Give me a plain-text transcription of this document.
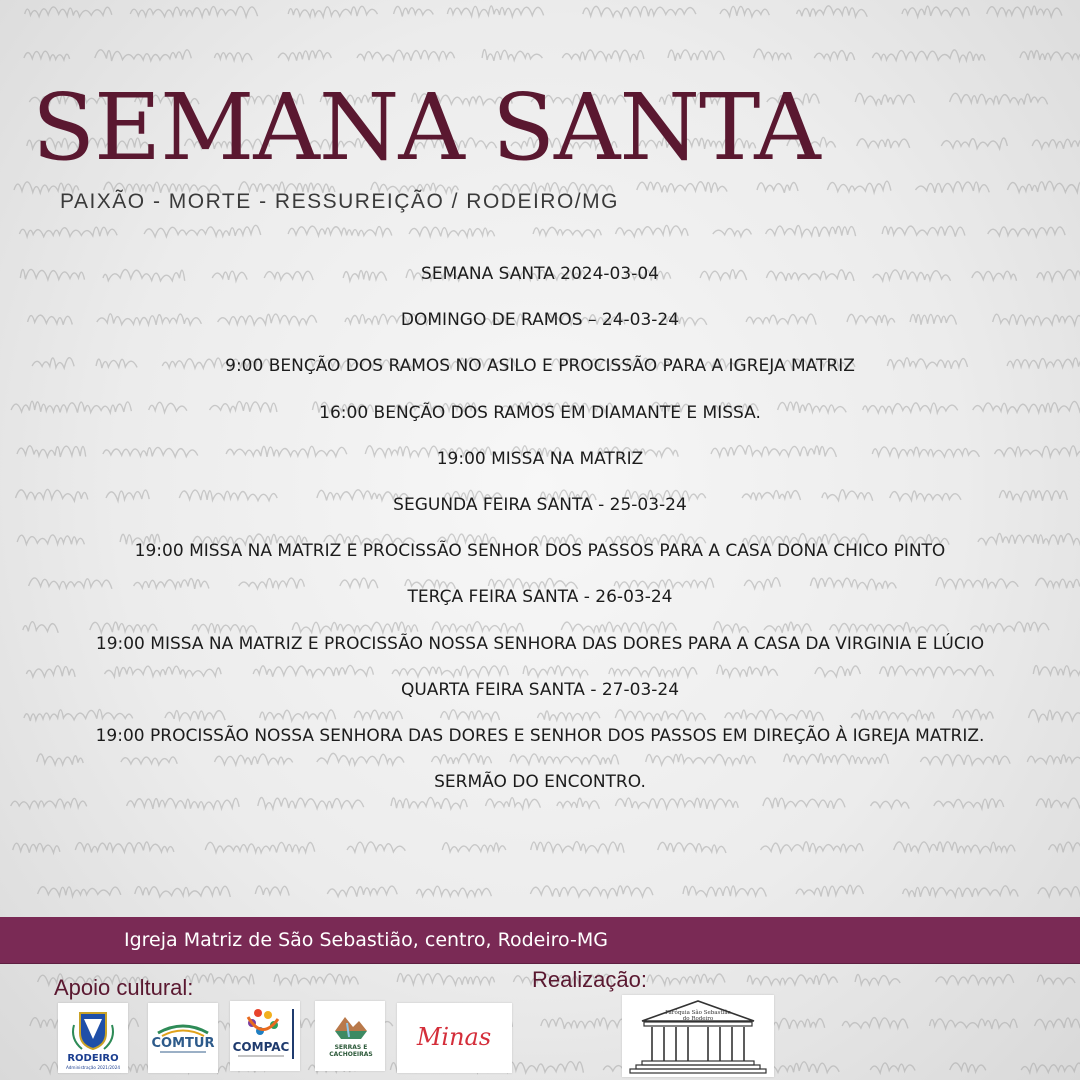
SEMANA SANTA
PAIXÃO - MORTE - RESSUREIÇÃO / RODEIRO/MG
SEMANA SANTA 2024-03-04
DOMINGO DE RAMOS – 24-03-24
9:00 BENÇÃO DOS RAMOS NO ASILO E PROCISSÃO PARA A IGREJA MATRIZ
16:00 BENÇÃO DOS RAMOS EM DIAMANTE E MISSA.
19:00 MISSA NA MATRIZ
SEGUNDA FEIRA SANTA - 25-03-24
19:00 MISSA NA MATRIZ E PROCISSÃO SENHOR DOS PASSOS PARA A CASA DONA CHICO PINTO
TERÇA FEIRA SANTA - 26-03-24
19:00 MISSA NA MATRIZ E PROCISSÃO NOSSA SENHORA DAS DORES PARA A CASA DA VIRGINIA E LÚCIO
QUARTA FEIRA SANTA - 27-03-24
19:00 PROCISSÃO NOSSA SENHORA DAS DORES E SENHOR DOS PASSOS EM DIREÇÃO À IGREJA MATRIZ.
SERMÃO DO ENCONTRO.
Igreja Matriz de São Sebastião, centro, Rodeiro-MG
Apoio cultural:	Realização:
RODEIRO
Administração 2021/2024
COMTUR COMPAC	SERRAS E
CACHOEIRAS
Minas
Paróquia São Sebastião
do Rodeiro
